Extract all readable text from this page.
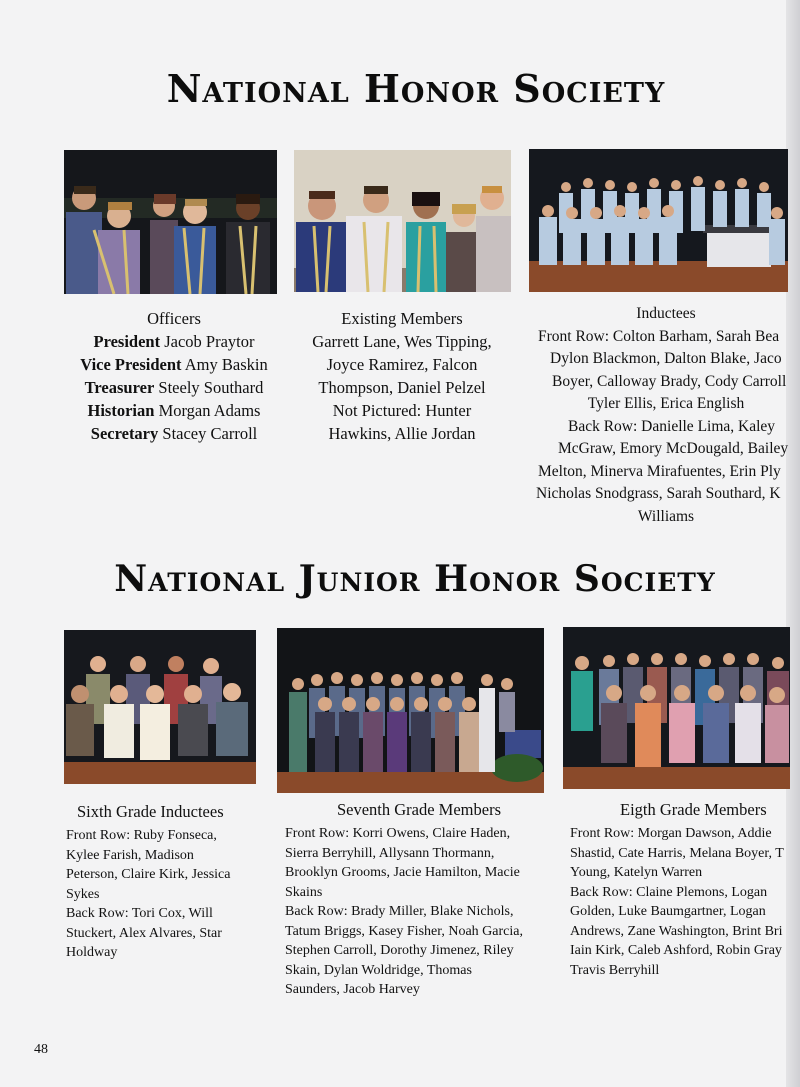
National Honor Society
Officers
President Jacob Praytor
Vice President Amy Baskin
Treasurer Steely Southard
Historian Morgan Adams
Secretary Stacey Carroll
Existing Members
Garrett Lane, Wes Tipping,
Joyce Ramirez, Falcon
Thompson, Daniel Pelzel
Not Pictured: Hunter
Hawkins, Allie Jordan
Inductees
Front Row: Colton Barham, Sarah Bea
Dylon Blackmon, Dalton Blake, Jaco
Boyer, Calloway Brady, Cody Carroll
Tyler Ellis, Erica English
Back Row: Danielle Lima, Kaley
McGraw, Emory McDougald, Bailey
Melton, Minerva Mirafuentes, Erin Ply
Nicholas Snodgrass, Sarah Southard, K
Williams
National Junior Honor Society
Sixth Grade Inductees
Front Row: Ruby Fonseca,
Kylee Farish, Madison
Peterson, Claire Kirk, Jessica
Sykes
Back Row: Tori Cox, Will
Stuckert, Alex Alvares, Star
Holdway
Seventh Grade Members
Front Row: Korri Owens, Claire Haden,
Sierra Berryhill, Allysann Thormann,
Brooklyn Grooms, Jacie Hamilton, Macie
Skains
Back Row: Brady Miller, Blake Nichols,
Tatum Briggs, Kasey Fisher, Noah Garcia,
Stephen Carroll, Dorothy Jimenez, Riley
Skain, Dylan Woldridge, Thomas
Saunders, Jacob Harvey
Eigth Grade Members
Front Row: Morgan Dawson, Addie
Shastid, Cate Harris, Melana Boyer, T
Young, Katelyn Warren
Back Row: Claine Plemons, Logan
Golden, Luke Baumgartner, Logan
Andrews, Zane Washington, Brint Bri
Iain Kirk, Caleb Ashford, Robin Gray
Travis Berryhill
48
